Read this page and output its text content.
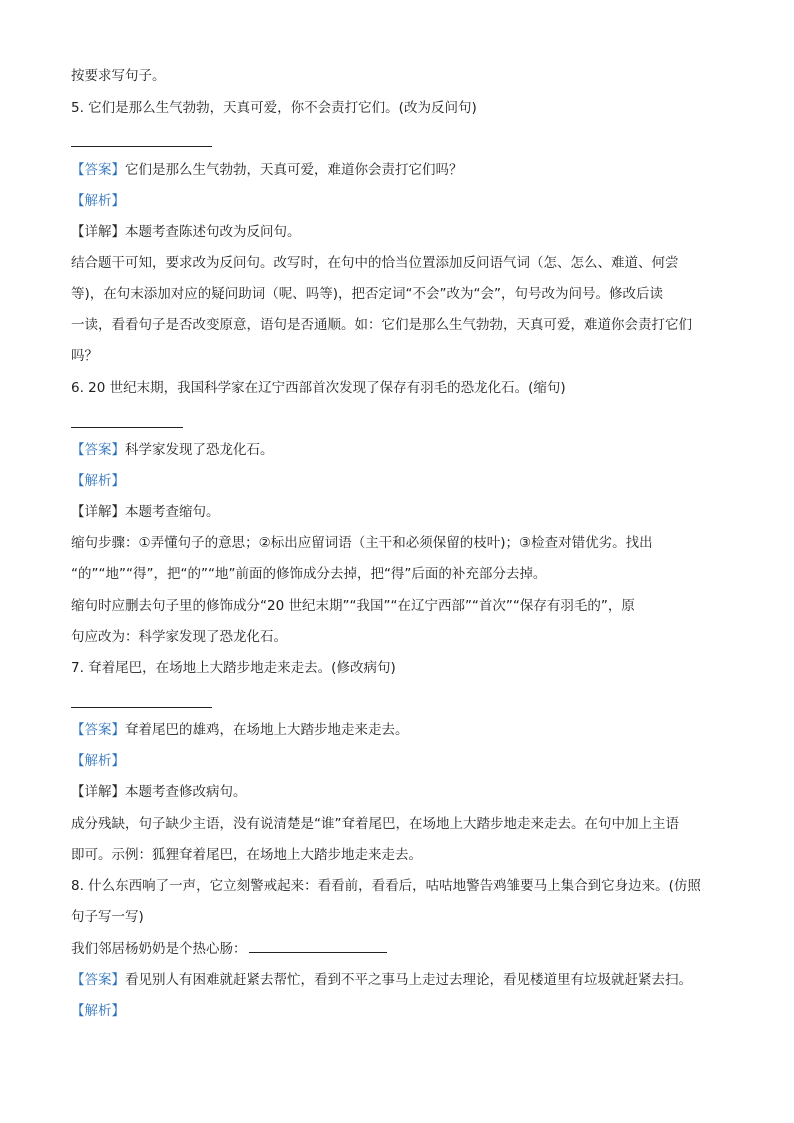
按要求写句子。
5. 它们是那么生气勃勃，天真可爱，你不会责打它们。(改为反问句)
【答案】它们是那么生气勃勃，天真可爱，难道你会责打它们吗？
【解析】
【详解】本题考查陈述句改为反问句。
结合题干可知，要求改为反问句。改写时，在句中的恰当位置添加反问语气词（怎、怎么、难道、何尝
等)，在句末添加对应的疑问助词（呢、吗等)，把否定词“不会”改为“会”，句号改为问号。修改后读
一读，看看句子是否改变原意，语句是否通顺。如：它们是那么生气勃勃，天真可爱，难道你会责打它们
吗？
6. 20 世纪末期，我国科学家在辽宁西部首次发现了保存有羽毛的恐龙化石。(缩句)
【答案】科学家发现了恐龙化石。
【解析】
【详解】本题考查缩句。
缩句步骤：①弄懂句子的意思；②标出应留词语（主干和必须保留的枝叶)；③检查对错优劣。找出
“的”“地”“得”，把“的”“地”前面的修饰成分去掉，把“得”后面的补充部分去掉。
缩句时应删去句子里的修饰成分“20 世纪末期”“我国”“在辽宁西部”“首次”“保存有羽毛的”，原
句应改为：科学家发现了恐龙化石。
7. 耷着尾巴，在场地上大踏步地走来走去。(修改病句)
【答案】耷着尾巴的雄鸡，在场地上大踏步地走来走去。
【解析】
【详解】本题考查修改病句。
成分残缺，句子缺少主语，没有说清楚是“谁”耷着尾巴，在场地上大踏步地走来走去。在句中加上主语
即可。示例：狐狸耷着尾巴，在场地上大踏步地走来走去。
8. 什么东西响了一声，它立刻警戒起来：看看前，看看后，咕咕地警告鸡雏要马上集合到它身边来。(仿照
句子写一写)
我们邻居杨奶奶是个热心肠：
【答案】看见别人有困难就赶紧去帮忙，看到不平之事马上走过去理论，看见楼道里有垃圾就赶紧去扫。
【解析】
